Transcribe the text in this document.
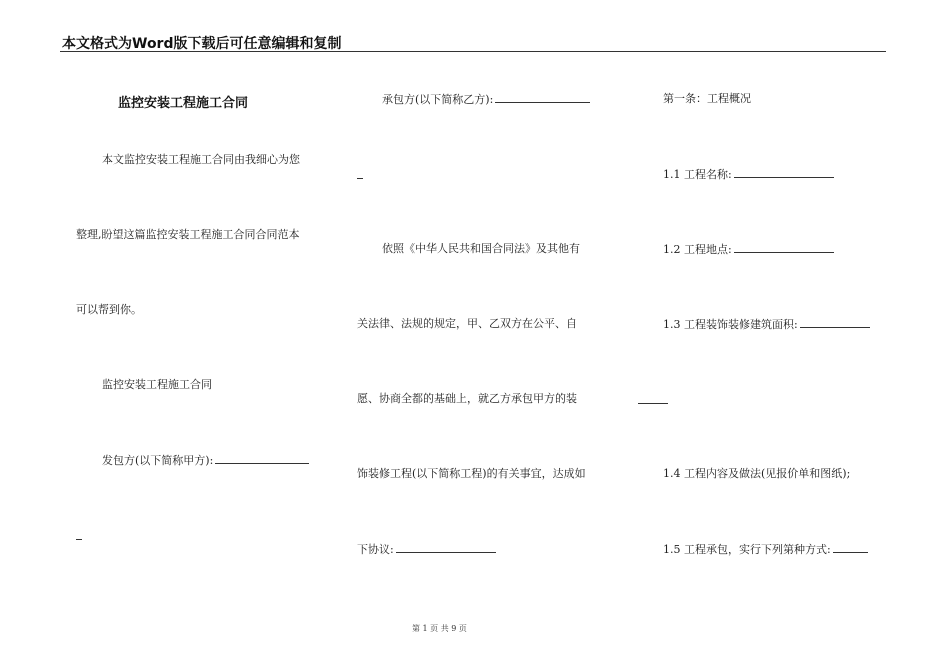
本文格式为Word版下载后可任意编辑和复制
监控安装工程施工合同
本文监控安装工程施工合同由我细心为您
整理,盼望这篇监控安装工程施工合同合同范本
可以帮到你。
监控安装工程施工合同
发包方(以下简称甲方):
承包方(以下简称乙方):
依照《中华人民共和国合同法》及其他有
关法律、法规的规定，甲、乙双方在公平、自
愿、协商全都的基础上，就乙方承包甲方的装
饰装修工程(以下简称工程)的有关事宜，达成如
下协议:
第一条：工程概况
1.1 工程名称:
1.2 工程地点:
1.3 工程装饰装修建筑面积:
1.4 工程内容及做法(见报价单和图纸);
1.5 工程承包，实行下列第种方式:
第 1 页 共 9 页
